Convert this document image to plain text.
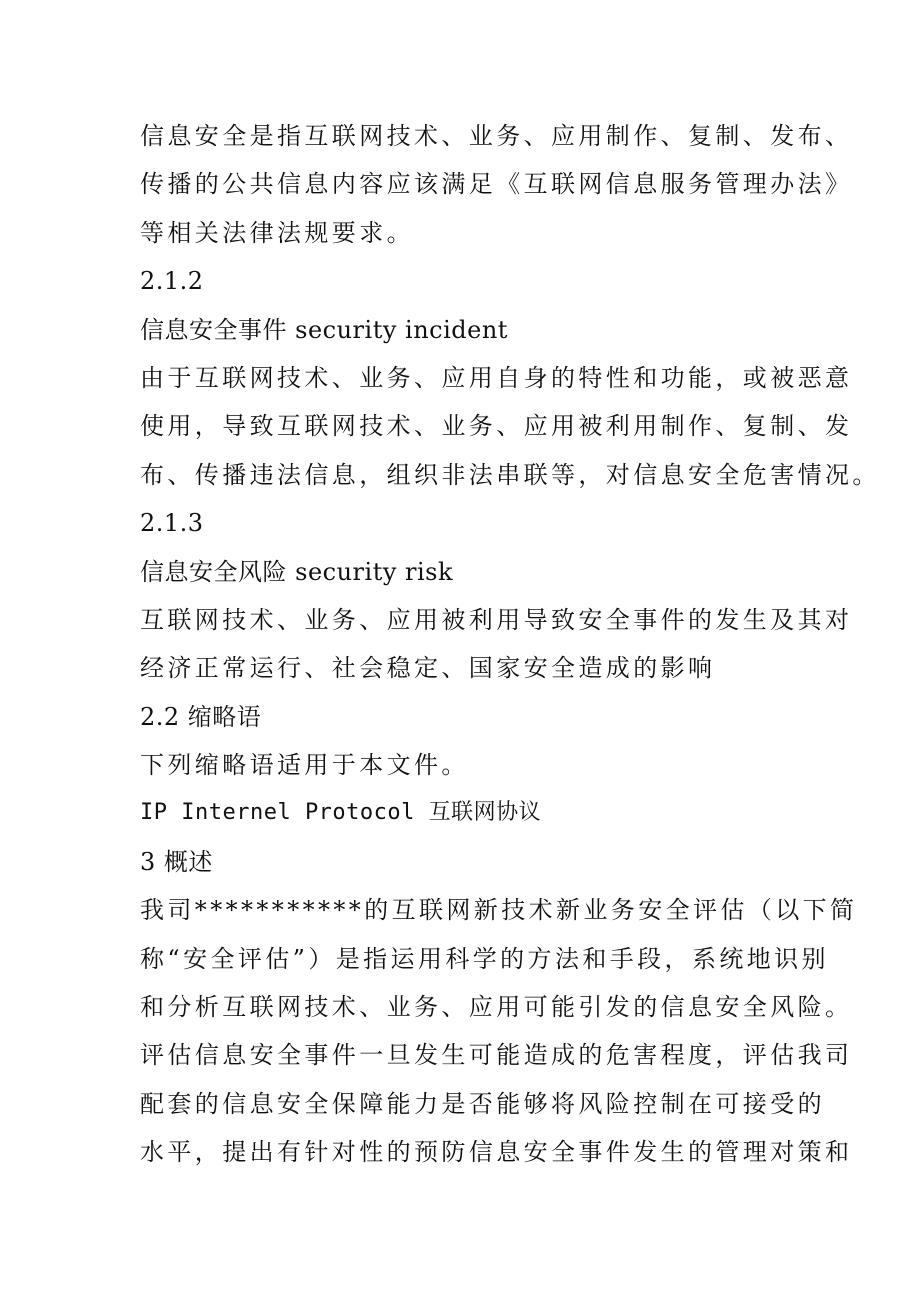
信息安全是指互联网技术、业务、应用制作、复制、发布、
传播的公共信息内容应该满足《互联网信息服务管理办法》
等相关法律法规要求。
2.1.2
信息安全事件 security incident
由于互联网技术、业务、应用自身的特性和功能，或被恶意
使用，导致互联网技术、业务、应用被利用制作、复制、发
布、传播违法信息，组织非法串联等，对信息安全危害情况。
2.1.3
信息安全风险 security risk
互联网技术、业务、应用被利用导致安全事件的发生及其对
经济正常运行、社会稳定、国家安全造成的影响
2.2 缩略语
下列缩略语适用于本文件。
IP Internel Protocol 互联网协议
3 概述
我司***********的互联网新技术新业务安全评估（以下简
称“安全评估”）是指运用科学的方法和手段，系统地识别
和分析互联网技术、业务、应用可能引发的信息安全风险。
评估信息安全事件一旦发生可能造成的危害程度，评估我司
配套的信息安全保障能力是否能够将风险控制在可接受的
水平，提出有针对性的预防信息安全事件发生的管理对策和
